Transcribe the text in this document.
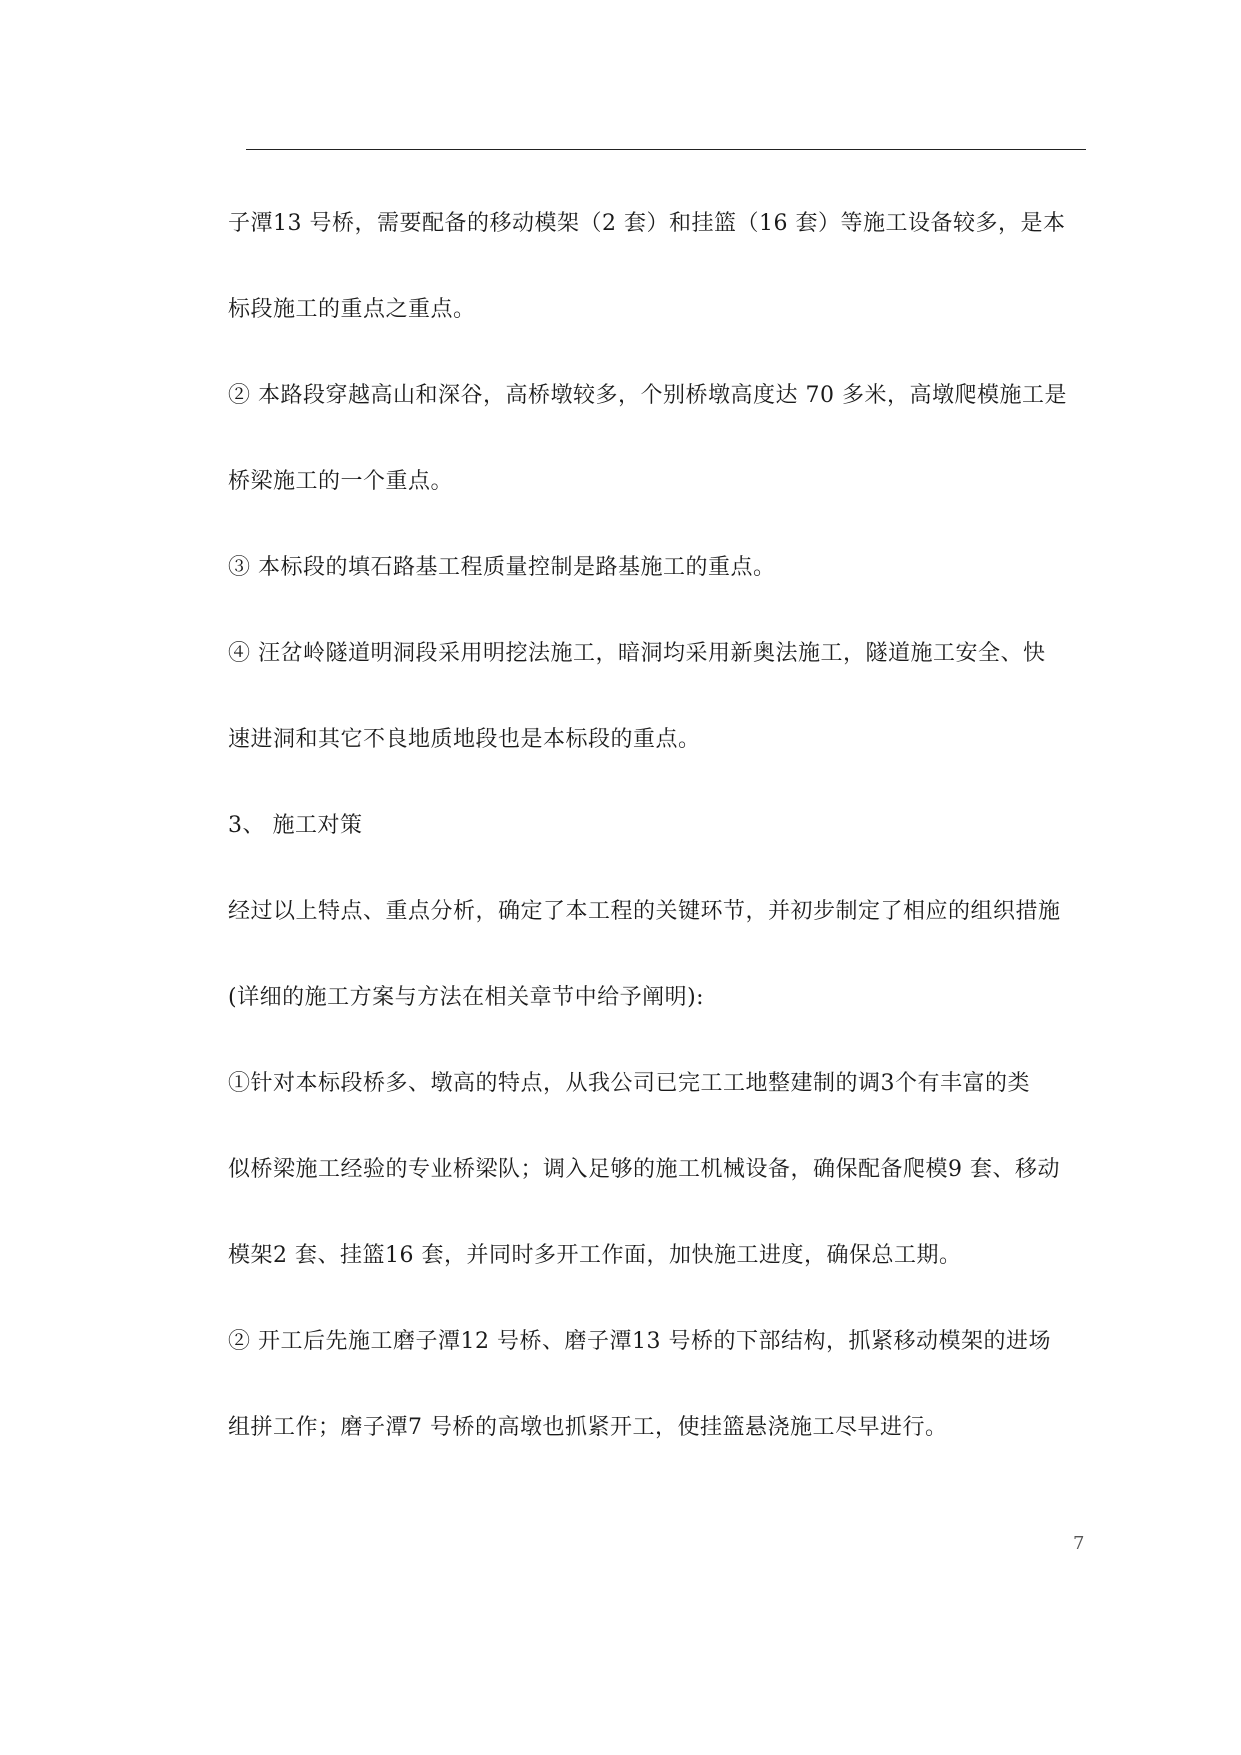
子潭13 号桥，需要配备的移动模架（2 套）和挂篮（16 套）等施工设备较多，是本
标段施工的重点之重点。
② 本路段穿越高山和深谷，高桥墩较多，个别桥墩高度达 70 多米，高墩爬模施工是
桥梁施工的一个重点。
③ 本标段的填石路基工程质量控制是路基施工的重点。
④ 汪岔岭隧道明洞段采用明挖法施工，暗洞均采用新奥法施工，隧道施工安全、快
速进洞和其它不良地质地段也是本标段的重点。
3、 施工对策
经过以上特点、重点分析，确定了本工程的关键环节，并初步制定了相应的组织措施
(详细的施工方案与方法在相关章节中给予阐明):
①针对本标段桥多、墩高的特点，从我公司已完工工地整建制的调3个有丰富的类
似桥梁施工经验的专业桥梁队；调入足够的施工机械设备，确保配备爬模9 套、移动
模架2 套、挂篮16 套，并同时多开工作面，加快施工进度，确保总工期。
② 开工后先施工磨子潭12 号桥、磨子潭13 号桥的下部结构，抓紧移动模架的进场
组拼工作；磨子潭7 号桥的高墩也抓紧开工，使挂篮悬浇施工尽早进行。
7
